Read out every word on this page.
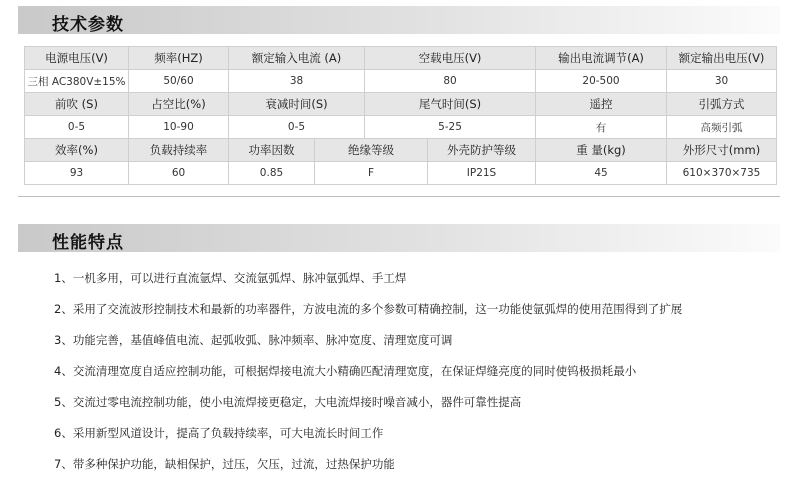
技术参数
电源电压(V)	频率(HZ)	额定输入电流 (A)		空载电压(V)		输出电流调节(A)	额定输出电压(V)
三相 AC380V±15%	50/60	38		80		20-500	30
前吹 (S)	占空比(%)	衰减时间(S)		尾气时间(S)		遥控	引弧方式
0-5	10-90	0-5		5-25		有	高频引弧
效率(%)	负载持续率	功率因数	绝缘等级		外壳防护等级	重 量(kg)	外形尺寸(mm)
93	60	0.85	F		IP21S	45	610×370×735
性能特点
1、一机多用，可以进行直流氩焊、交流氩弧焊、脉冲氩弧焊、手工焊
2、采用了交流波形控制技术和最新的功率器件，方波电流的多个参数可精确控制，这一功能使氩弧焊的使用范围得到了扩展
3、功能完善，基值峰值电流、起弧收弧、脉冲频率、脉冲宽度、清理宽度可调
4、交流清理宽度自适应控制功能，可根据焊接电流大小精确匹配清理宽度，在保证焊缝亮度的同时使钨极损耗最小
5、交流过零电流控制功能，使小电流焊接更稳定，大电流焊接时噪音减小，器件可靠性提高
6、采用新型风道设计，提高了负载持续率，可大电流长时间工作
7、带多种保护功能，缺相保护，过压，欠压，过流，过热保护功能
